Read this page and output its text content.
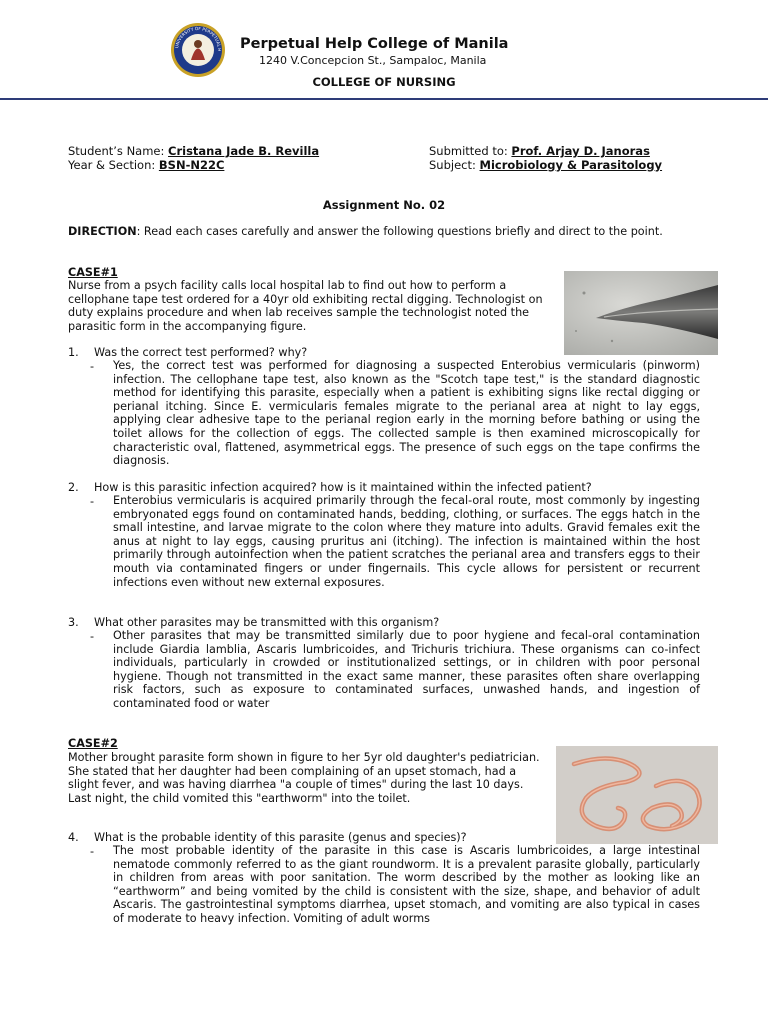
UNIVERSITY OF PERPETUAL H Perpetual Help College of Manila
1240 V.Concepcion St., Sampaloc, Manila
COLLEGE OF NURSING
Student’s Name: Cristana Jade B. Revilla
Year & Section: BSN-N22C
Submitted to: Prof. Arjay D. Janoras
Subject: Microbiology & Parasitology
Assignment No. 02
DIRECTION: Read each cases carefully and answer the following questions briefly and direct to the point.
CASE#1
Nurse from a psych facility calls local hospital lab to find out how to perform a cellophane tape test ordered for a 40yr old exhibiting rectal digging. Technologist on duty explains procedure and when lab receives sample the technologist noted the parasitic form in the accompanying figure.
1. Was the correct test performed? why?
- Yes, the correct test was performed for diagnosing a suspected Enterobius vermicularis (pinworm) infection. The cellophane tape test, also known as the "Scotch tape test," is the standard diagnostic method for identifying this parasite, especially when a patient is exhibiting signs like rectal digging or perianal itching. Since E. vermicularis females migrate to the perianal area at night to lay eggs, applying clear adhesive tape to the perianal region early in the morning before bathing or using the toilet allows for the collection of eggs. The collected sample is then examined microscopically for characteristic oval, flattened, asymmetrical eggs. The presence of such eggs on the tape confirms the diagnosis.
2. How is this parasitic infection acquired? how is it maintained within the infected patient?
- Enterobius vermicularis is acquired primarily through the fecal-oral route, most commonly by ingesting embryonated eggs found on contaminated hands, bedding, clothing, or surfaces. The eggs hatch in the small intestine, and larvae migrate to the colon where they mature into adults. Gravid females exit the anus at night to lay eggs, causing pruritus ani (itching). The infection is maintained within the host primarily through autoinfection when the patient scratches the perianal area and transfers eggs to their mouth via contaminated fingers or under fingernails. This cycle allows for persistent or recurrent infections even without new external exposures.
3. What other parasites may be transmitted with this organism?
- Other parasites that may be transmitted similarly due to poor hygiene and fecal-oral contamination include Giardia lamblia, Ascaris lumbricoides, and Trichuris trichiura. These organisms can co-infect individuals, particularly in crowded or institutionalized settings, or in children with poor personal hygiene. Though not transmitted in the exact same manner, these parasites often share overlapping risk factors, such as exposure to contaminated surfaces, unwashed hands, and ingestion of contaminated food or water
CASE#2
Mother brought parasite form shown in figure to her 5yr old daughter's pediatrician. She stated that her daughter had been complaining of an upset stomach, had a slight fever, and was having diarrhea "a couple of times" during the last 10 days. Last night, the child vomited this "earthworm" into the toilet.
4. What is the probable identity of this parasite (genus and species)?
- The most probable identity of the parasite in this case is Ascaris lumbricoides, a large intestinal nematode commonly referred to as the giant roundworm. It is a prevalent parasite globally, particularly in children from areas with poor sanitation. The worm described by the mother as looking like an “earthworm” and being vomited by the child is consistent with the size, shape, and behavior of adult Ascaris. The gastrointestinal symptoms diarrhea, upset stomach, and vomiting are also typical in cases of moderate to heavy infection. Vomiting of adult worms
